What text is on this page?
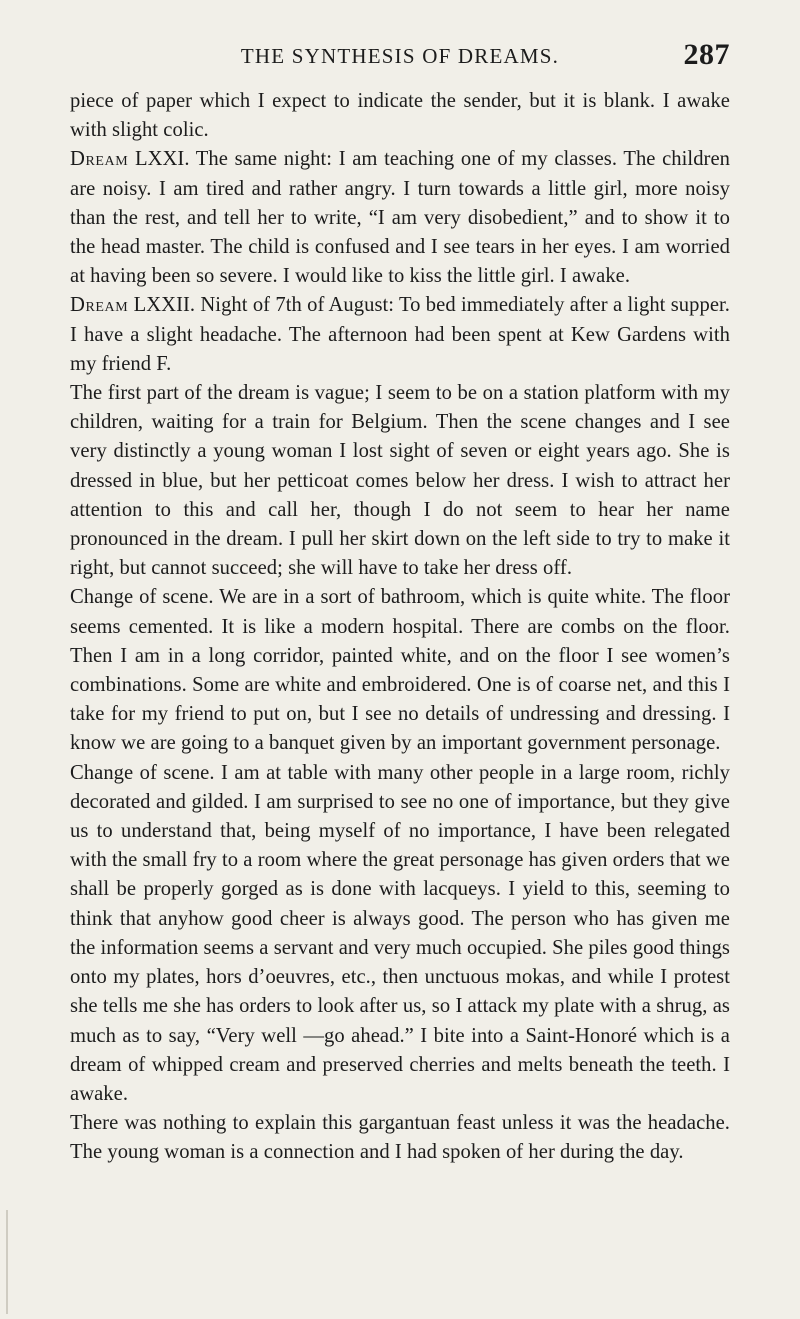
THE SYNTHESIS OF DREAMS.	287

piece of paper which I expect to indicate the sender, but it is blank. I awake with slight colic.

Dream LXXI. The same night: I am teaching one of my classes. The children are noisy. I am tired and rather angry. I turn towards a little girl, more noisy than the rest, and tell her to write, “I am very disobedient,” and to show it to the head master. The child is confused and I see tears in her eyes. I am worried at having been so severe. I would like to kiss the little girl. I awake.

Dream LXXII. Night of 7th of August: To bed immediately after a light supper. I have a slight headache. The afternoon had been spent at Kew Gardens with my friend F.

The first part of the dream is vague; I seem to be on a station platform with my children, waiting for a train for Belgium. Then the scene changes and I see very distinctly a young woman I lost sight of seven or eight years ago. She is dressed in blue, but her petticoat comes below her dress. I wish to attract her attention to this and call her, though I do not seem to hear her name pronounced in the dream. I pull her skirt down on the left side to try to make it right, but cannot succeed; she will have to take her dress off.

Change of scene. We are in a sort of bathroom, which is quite white. The floor seems cemented. It is like a modern hospital. There are combs on the floor. Then I am in a long corridor, painted white, and on the floor I see women’s combinations. Some are white and embroidered. One is of coarse net, and this I take for my friend to put on, but I see no details of undressing and dressing. I know we are going to a banquet given by an important government personage.

Change of scene. I am at table with many other people in a large room, richly decorated and gilded. I am surprised to see no one of importance, but they give us to understand that, being myself of no importance, I have been relegated with the small fry to a room where the great personage has given orders that we shall be properly gorged as is done with lacqueys. I yield to this, seeming to think that anyhow good cheer is always good. The person who has given me the information seems a servant and very much occupied. She piles good things onto my plates, hors d’oeuvres, etc., then unctuous mokas, and while I protest she tells me she has orders to look after us, so I attack my plate with a shrug, as much as to say, “Very well —go ahead.” I bite into a Saint-Honoré which is a dream of whipped cream and preserved cherries and melts beneath the teeth. I awake.

There was nothing to explain this gargantuan feast unless it was the headache. The young woman is a connection and I had spoken of her during the day.
